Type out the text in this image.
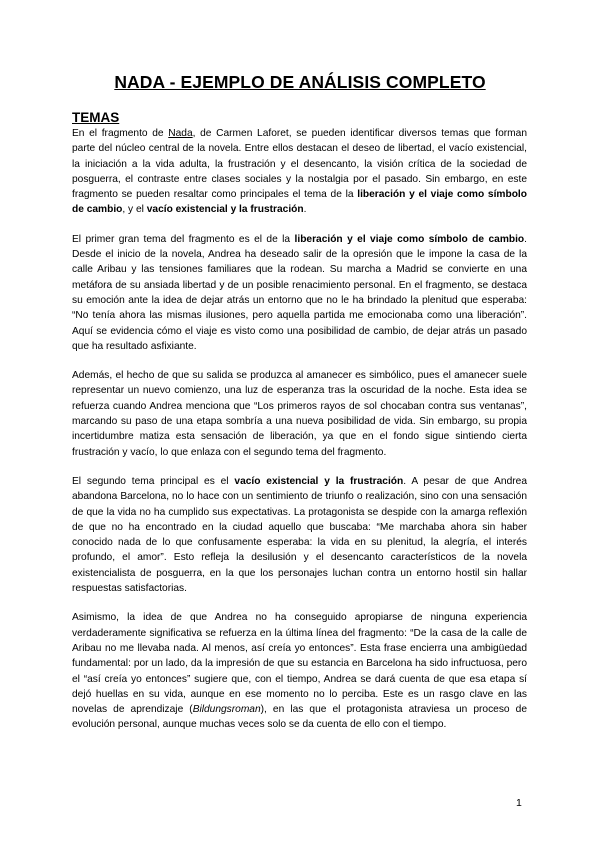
NADA - EJEMPLO DE ANÁLISIS COMPLETO
TEMAS

En el fragmento de Nada, de Carmen Laforet, se pueden identificar diversos temas que forman parte del núcleo central de la novela. Entre ellos destacan el deseo de libertad, el vacío existencial, la iniciación a la vida adulta, la frustración y el desencanto, la visión crítica de la sociedad de posguerra, el contraste entre clases sociales y la nostalgia por el pasado. Sin embargo, en este fragmento se pueden resaltar como principales el tema de la liberación y el viaje como símbolo de cambio, y el vacío existencial y la frustración.

El primer gran tema del fragmento es el de la liberación y el viaje como símbolo de cambio. Desde el inicio de la novela, Andrea ha deseado salir de la opresión que le impone la casa de la calle Aribau y las tensiones familiares que la rodean. Su marcha a Madrid se convierte en una metáfora de su ansiada libertad y de un posible renacimiento personal. En el fragmento, se destaca su emoción ante la idea de dejar atrás un entorno que no le ha brindado la plenitud que esperaba: “No tenía ahora las mismas ilusiones, pero aquella partida me emocionaba como una liberación”. Aquí se evidencia cómo el viaje es visto como una posibilidad de cambio, de dejar atrás un pasado que ha resultado asfixiante.

Además, el hecho de que su salida se produzca al amanecer es simbólico, pues el amanecer suele representar un nuevo comienzo, una luz de esperanza tras la oscuridad de la noche. Esta idea se refuerza cuando Andrea menciona que “Los primeros rayos de sol chocaban contra sus ventanas”, marcando su paso de una etapa sombría a una nueva posibilidad de vida. Sin embargo, su propia incertidumbre matiza esta sensación de liberación, ya que en el fondo sigue sintiendo cierta frustración y vacío, lo que enlaza con el segundo tema del fragmento.

El segundo tema principal es el vacío existencial y la frustración. A pesar de que Andrea abandona Barcelona, no lo hace con un sentimiento de triunfo o realización, sino con una sensación de que la vida no ha cumplido sus expectativas. La protagonista se despide con la amarga reflexión de que no ha encontrado en la ciudad aquello que buscaba: “Me marchaba ahora sin haber conocido nada de lo que confusamente esperaba: la vida en su plenitud, la alegría, el interés profundo, el amor”. Esto refleja la desilusión y el desencanto característicos de la novela existencialista de posguerra, en la que los personajes luchan contra un entorno hostil sin hallar respuestas satisfactorias.

Asimismo, la idea de que Andrea no ha conseguido apropiarse de ninguna experiencia verdaderamente significativa se refuerza en la última línea del fragmento: “De la casa de la calle de Aribau no me llevaba nada. Al menos, así creía yo entonces”. Esta frase encierra una ambigüedad fundamental: por un lado, da la impresión de que su estancia en Barcelona ha sido infructuosa, pero el “así creía yo entonces” sugiere que, con el tiempo, Andrea se dará cuenta de que esa etapa sí dejó huellas en su vida, aunque en ese momento no lo perciba. Este es un rasgo clave en las novelas de aprendizaje (Bildungsroman), en las que el protagonista atraviesa un proceso de evolución personal, aunque muchas veces solo se da cuenta de ello con el tiempo.

1
